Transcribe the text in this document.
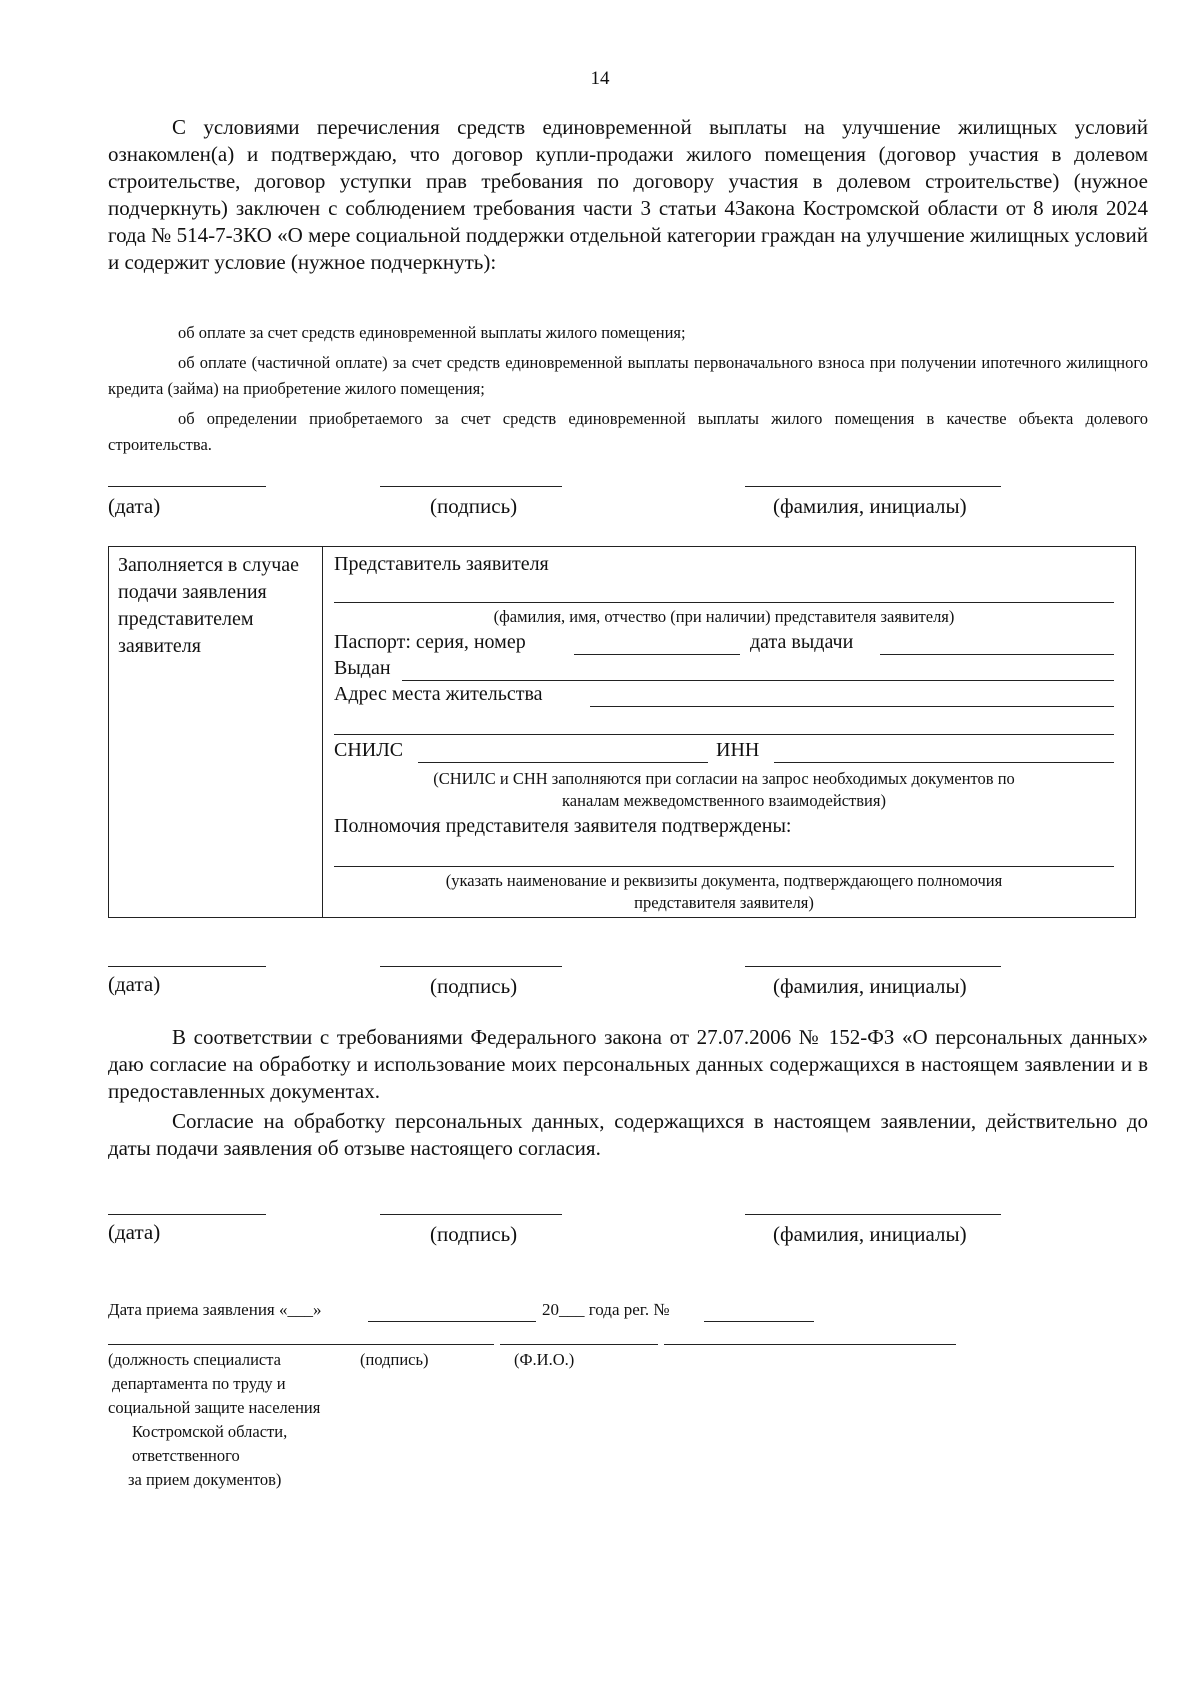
14
С условиями перечисления средств единовременной выплаты на улучшение жилищных условий ознакомлен(а) и подтверждаю, что договор купли-продажи жилого помещения (договор участия в долевом строительстве, договор уступки прав требования по договору участия в долевом строительстве) (нужное подчеркнуть) заключен с соблюдением требования части 3 статьи 4Закона Костромской области от 8 июля 2024 года № 514-7-ЗКО «О мере социальной поддержки отдельной категории граждан на улучшение жилищных условий и содержит условие (нужное подчеркнуть):
об оплате за счет средств единовременной выплаты жилого помещения;
об оплате (частичной оплате) за счет средств единовременной выплаты первоначального взноса при получении ипотечного жилищного кредита (займа) на приобретение жилого помещения;
об определении приобретаемого за счет средств единовременной выплаты жилого помещения в качестве объекта долевого строительства.
(дата)	(подпись)	(фамилия, инициалы)
Заполняется в случае подачи заявления представителем заявителя
Представитель заявителя
(фамилия, имя, отчество (при наличии) представителя заявителя)
Паспорт: серия, номер	дата выдачи
Выдан
Адрес места жительства
СНИЛС	ИНН
(СНИЛС и СНН заполняются при согласии на запрос необходимых документов по
каналам межведомственного взаимодействия)
Полномочия представителя заявителя подтверждены:
(указать наименование и реквизиты документа, подтверждающего полномочия
представителя заявителя)
(дата)	(подпись)	(фамилия, инициалы)
В соответствии с требованиями Федерального закона от 27.07.2006 № 152-ФЗ «О персональных данных» даю согласие на обработку и использование моих персональных данных содержащихся в настоящем заявлении и в предоставленных документах.
Согласие на обработку персональных данных, содержащихся в настоящем заявлении, действительно до даты подачи заявления об отзыве настоящего согласия.
(дата)	(подпись)	(фамилия, инициалы)
Дата приема заявления «___»	20___ года рег. №
(должность специалиста	(подпись)	(Ф.И.О.)
департамента по труду и
социальной защите населения
Костромской области,
ответственного
за прием документов)
